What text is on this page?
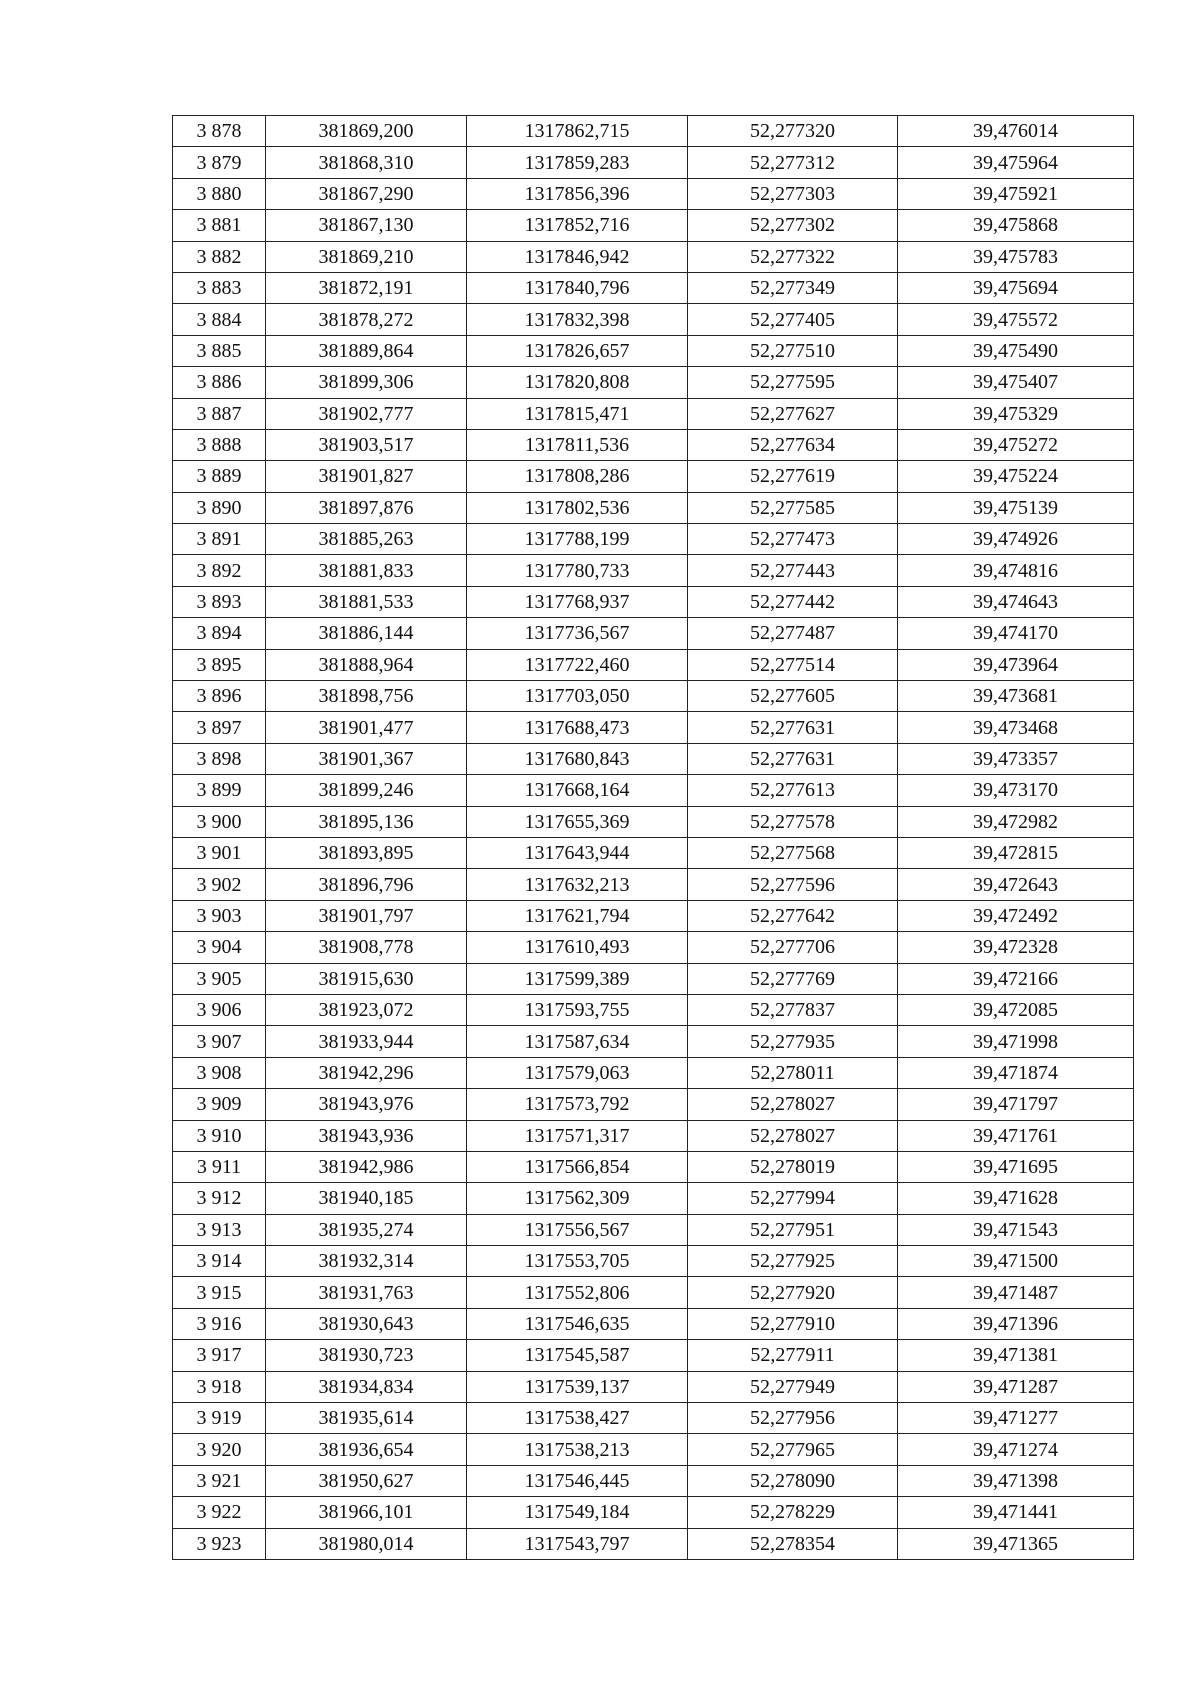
3 878	381869,200	1317862,715	52,277320	39,476014
3 879	381868,310	1317859,283	52,277312	39,475964
3 880	381867,290	1317856,396	52,277303	39,475921
3 881	381867,130	1317852,716	52,277302	39,475868
3 882	381869,210	1317846,942	52,277322	39,475783
3 883	381872,191	1317840,796	52,277349	39,475694
3 884	381878,272	1317832,398	52,277405	39,475572
3 885	381889,864	1317826,657	52,277510	39,475490
3 886	381899,306	1317820,808	52,277595	39,475407
3 887	381902,777	1317815,471	52,277627	39,475329
3 888	381903,517	1317811,536	52,277634	39,475272
3 889	381901,827	1317808,286	52,277619	39,475224
3 890	381897,876	1317802,536	52,277585	39,475139
3 891	381885,263	1317788,199	52,277473	39,474926
3 892	381881,833	1317780,733	52,277443	39,474816
3 893	381881,533	1317768,937	52,277442	39,474643
3 894	381886,144	1317736,567	52,277487	39,474170
3 895	381888,964	1317722,460	52,277514	39,473964
3 896	381898,756	1317703,050	52,277605	39,473681
3 897	381901,477	1317688,473	52,277631	39,473468
3 898	381901,367	1317680,843	52,277631	39,473357
3 899	381899,246	1317668,164	52,277613	39,473170
3 900	381895,136	1317655,369	52,277578	39,472982
3 901	381893,895	1317643,944	52,277568	39,472815
3 902	381896,796	1317632,213	52,277596	39,472643
3 903	381901,797	1317621,794	52,277642	39,472492
3 904	381908,778	1317610,493	52,277706	39,472328
3 905	381915,630	1317599,389	52,277769	39,472166
3 906	381923,072	1317593,755	52,277837	39,472085
3 907	381933,944	1317587,634	52,277935	39,471998
3 908	381942,296	1317579,063	52,278011	39,471874
3 909	381943,976	1317573,792	52,278027	39,471797
3 910	381943,936	1317571,317	52,278027	39,471761
3 911	381942,986	1317566,854	52,278019	39,471695
3 912	381940,185	1317562,309	52,277994	39,471628
3 913	381935,274	1317556,567	52,277951	39,471543
3 914	381932,314	1317553,705	52,277925	39,471500
3 915	381931,763	1317552,806	52,277920	39,471487
3 916	381930,643	1317546,635	52,277910	39,471396
3 917	381930,723	1317545,587	52,277911	39,471381
3 918	381934,834	1317539,137	52,277949	39,471287
3 919	381935,614	1317538,427	52,277956	39,471277
3 920	381936,654	1317538,213	52,277965	39,471274
3 921	381950,627	1317546,445	52,278090	39,471398
3 922	381966,101	1317549,184	52,278229	39,471441
3 923	381980,014	1317543,797	52,278354	39,471365
